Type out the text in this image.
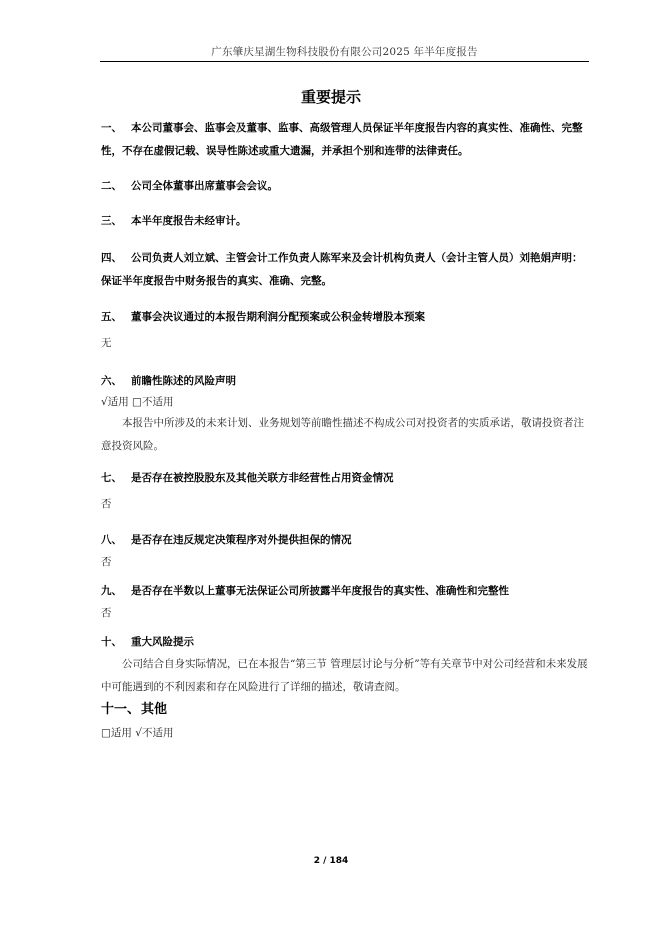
广东肇庆星湖生物科技股份有限公司2025 年半年度报告
重要提示
一、 本公司董事会、监事会及董事、监事、高级管理人员保证半年度报告内容的真实性、准确性、完整性，不存在虚假记载、误导性陈述或重大遗漏，并承担个别和连带的法律责任。
二、 公司全体董事出席董事会会议。
三、 本半年度报告未经审计。
四、 公司负责人刘立斌、主管会计工作负责人陈军来及会计机构负责人（会计主管人员）刘艳娟声明：保证半年度报告中财务报告的真实、准确、完整。
五、 董事会决议通过的本报告期利润分配预案或公积金转增股本预案
无
六、 前瞻性陈述的风险声明
√适用 □不适用
本报告中所涉及的未来计划、业务规划等前瞻性描述不构成公司对投资者的实质承诺，敬请投资者注意投资风险。
七、 是否存在被控股股东及其他关联方非经营性占用资金情况
否
八、 是否存在违反规定决策程序对外提供担保的情况
否
九、 是否存在半数以上董事无法保证公司所披露半年度报告的真实性、准确性和完整性
否
十、 重大风险提示
公司结合自身实际情况，已在本报告“第三节 管理层讨论与分析”等有关章节中对公司经营和未来发展中可能遇到的不利因素和存在风险进行了详细的描述，敬请查阅。
十一、其他
□适用 √不适用
2 / 184
